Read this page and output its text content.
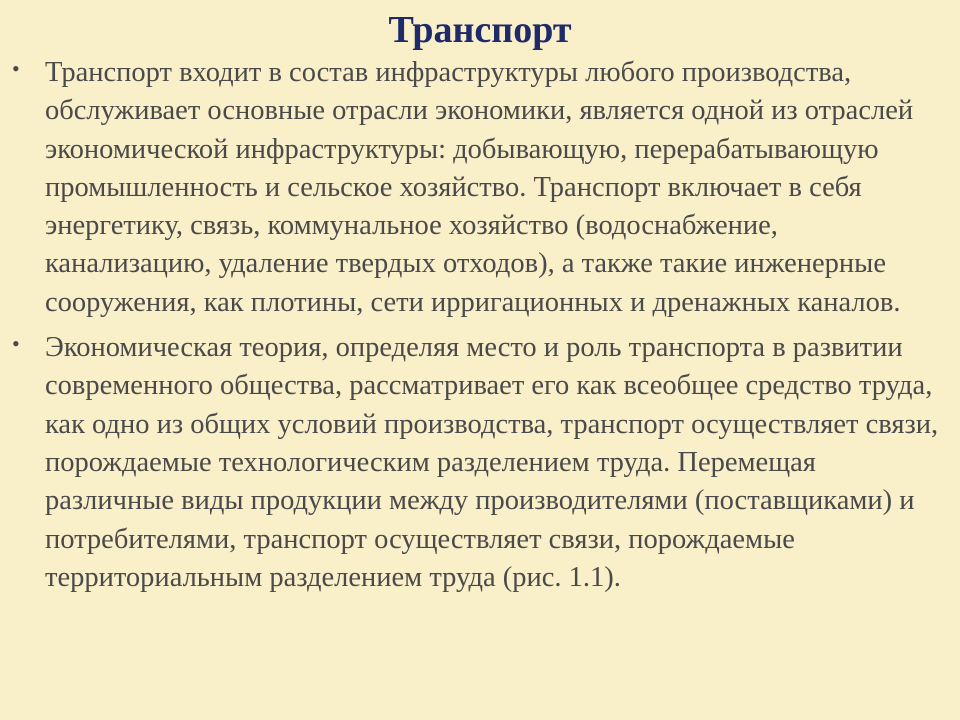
Транспорт
• Транспорт входит в состав инфраструктуры любого производства, обслуживает основные отрасли экономики, является одной из отраслей экономической инфраструктуры: добывающую, перерабатывающую промышленность и сельское хозяйство. Транспорт включает в себя энергетику, связь, коммунальное хозяйство (водоснабжение, канализацию, удаление твердых отходов), а также такие инженерные сооружения, как плотины, сети ирригационных и дренажных каналов.
• Экономическая теория, определяя место и роль транспорта в развитии современного общества, рассматривает его как всеобщее средство труда, как одно из общих условий производства, транспорт осуществляет связи, порождаемые технологическим разделением труда. Перемещая различные виды продукции между производителями (поставщиками) и потребителями, транспорт осуществляет связи, порождаемые территориальным разделением труда (рис. 1.1).
